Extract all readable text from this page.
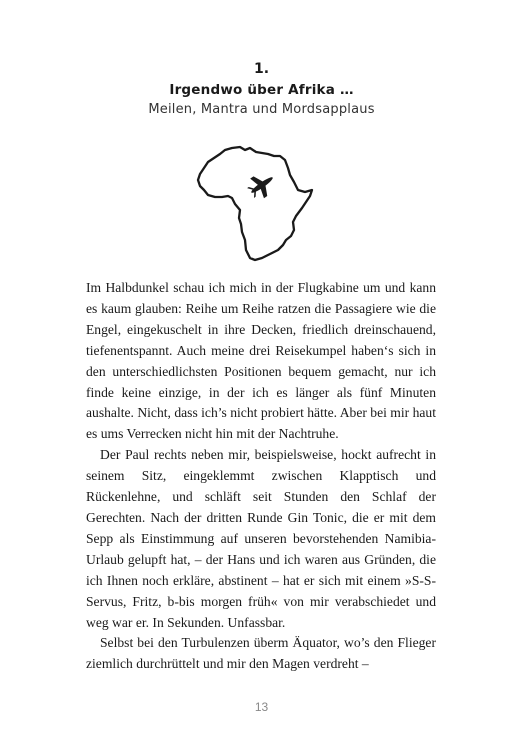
1.
Irgendwo über Afrika …
Meilen, Mantra und Mordsapplaus

Im Halbdunkel schau ich mich in der Flugkabine um und kann es kaum glauben: Reihe um Reihe ratzen die Passagiere wie die Engel, eingekuschelt in ihre Decken, friedlich dreinschauend, tiefenentspannt. Auch meine drei Reisekumpel haben‘s sich in den unterschiedlichsten Positionen bequem gemacht, nur ich finde keine einzige, in der ich es länger als fünf Minuten aushalte. Nicht, dass ich’s nicht probiert hätte. Aber bei mir haut es ums Verrecken nicht hin mit der Nachtruhe.

Der Paul rechts neben mir, beispielsweise, hockt aufrecht in seinem Sitz, eingeklemmt zwischen Klapptisch und Rückenlehne, und schläft seit Stunden den Schlaf der Gerechten. Nach der dritten Runde Gin Tonic, die er mit dem Sepp als Einstimmung auf unseren bevorstehenden Namibia-Urlaub gelupft hat, – der Hans und ich waren aus Gründen, die ich Ihnen noch erkläre, abstinent – hat er sich mit einem »S-S-Servus, Fritz, b-bis morgen früh« von mir verabschiedet und weg war er. In Sekunden. Unfassbar.

Selbst bei den Turbulenzen überm Äquator, wo’s den Flieger ziemlich durchrüttelt und mir den Magen verdreht –

13
